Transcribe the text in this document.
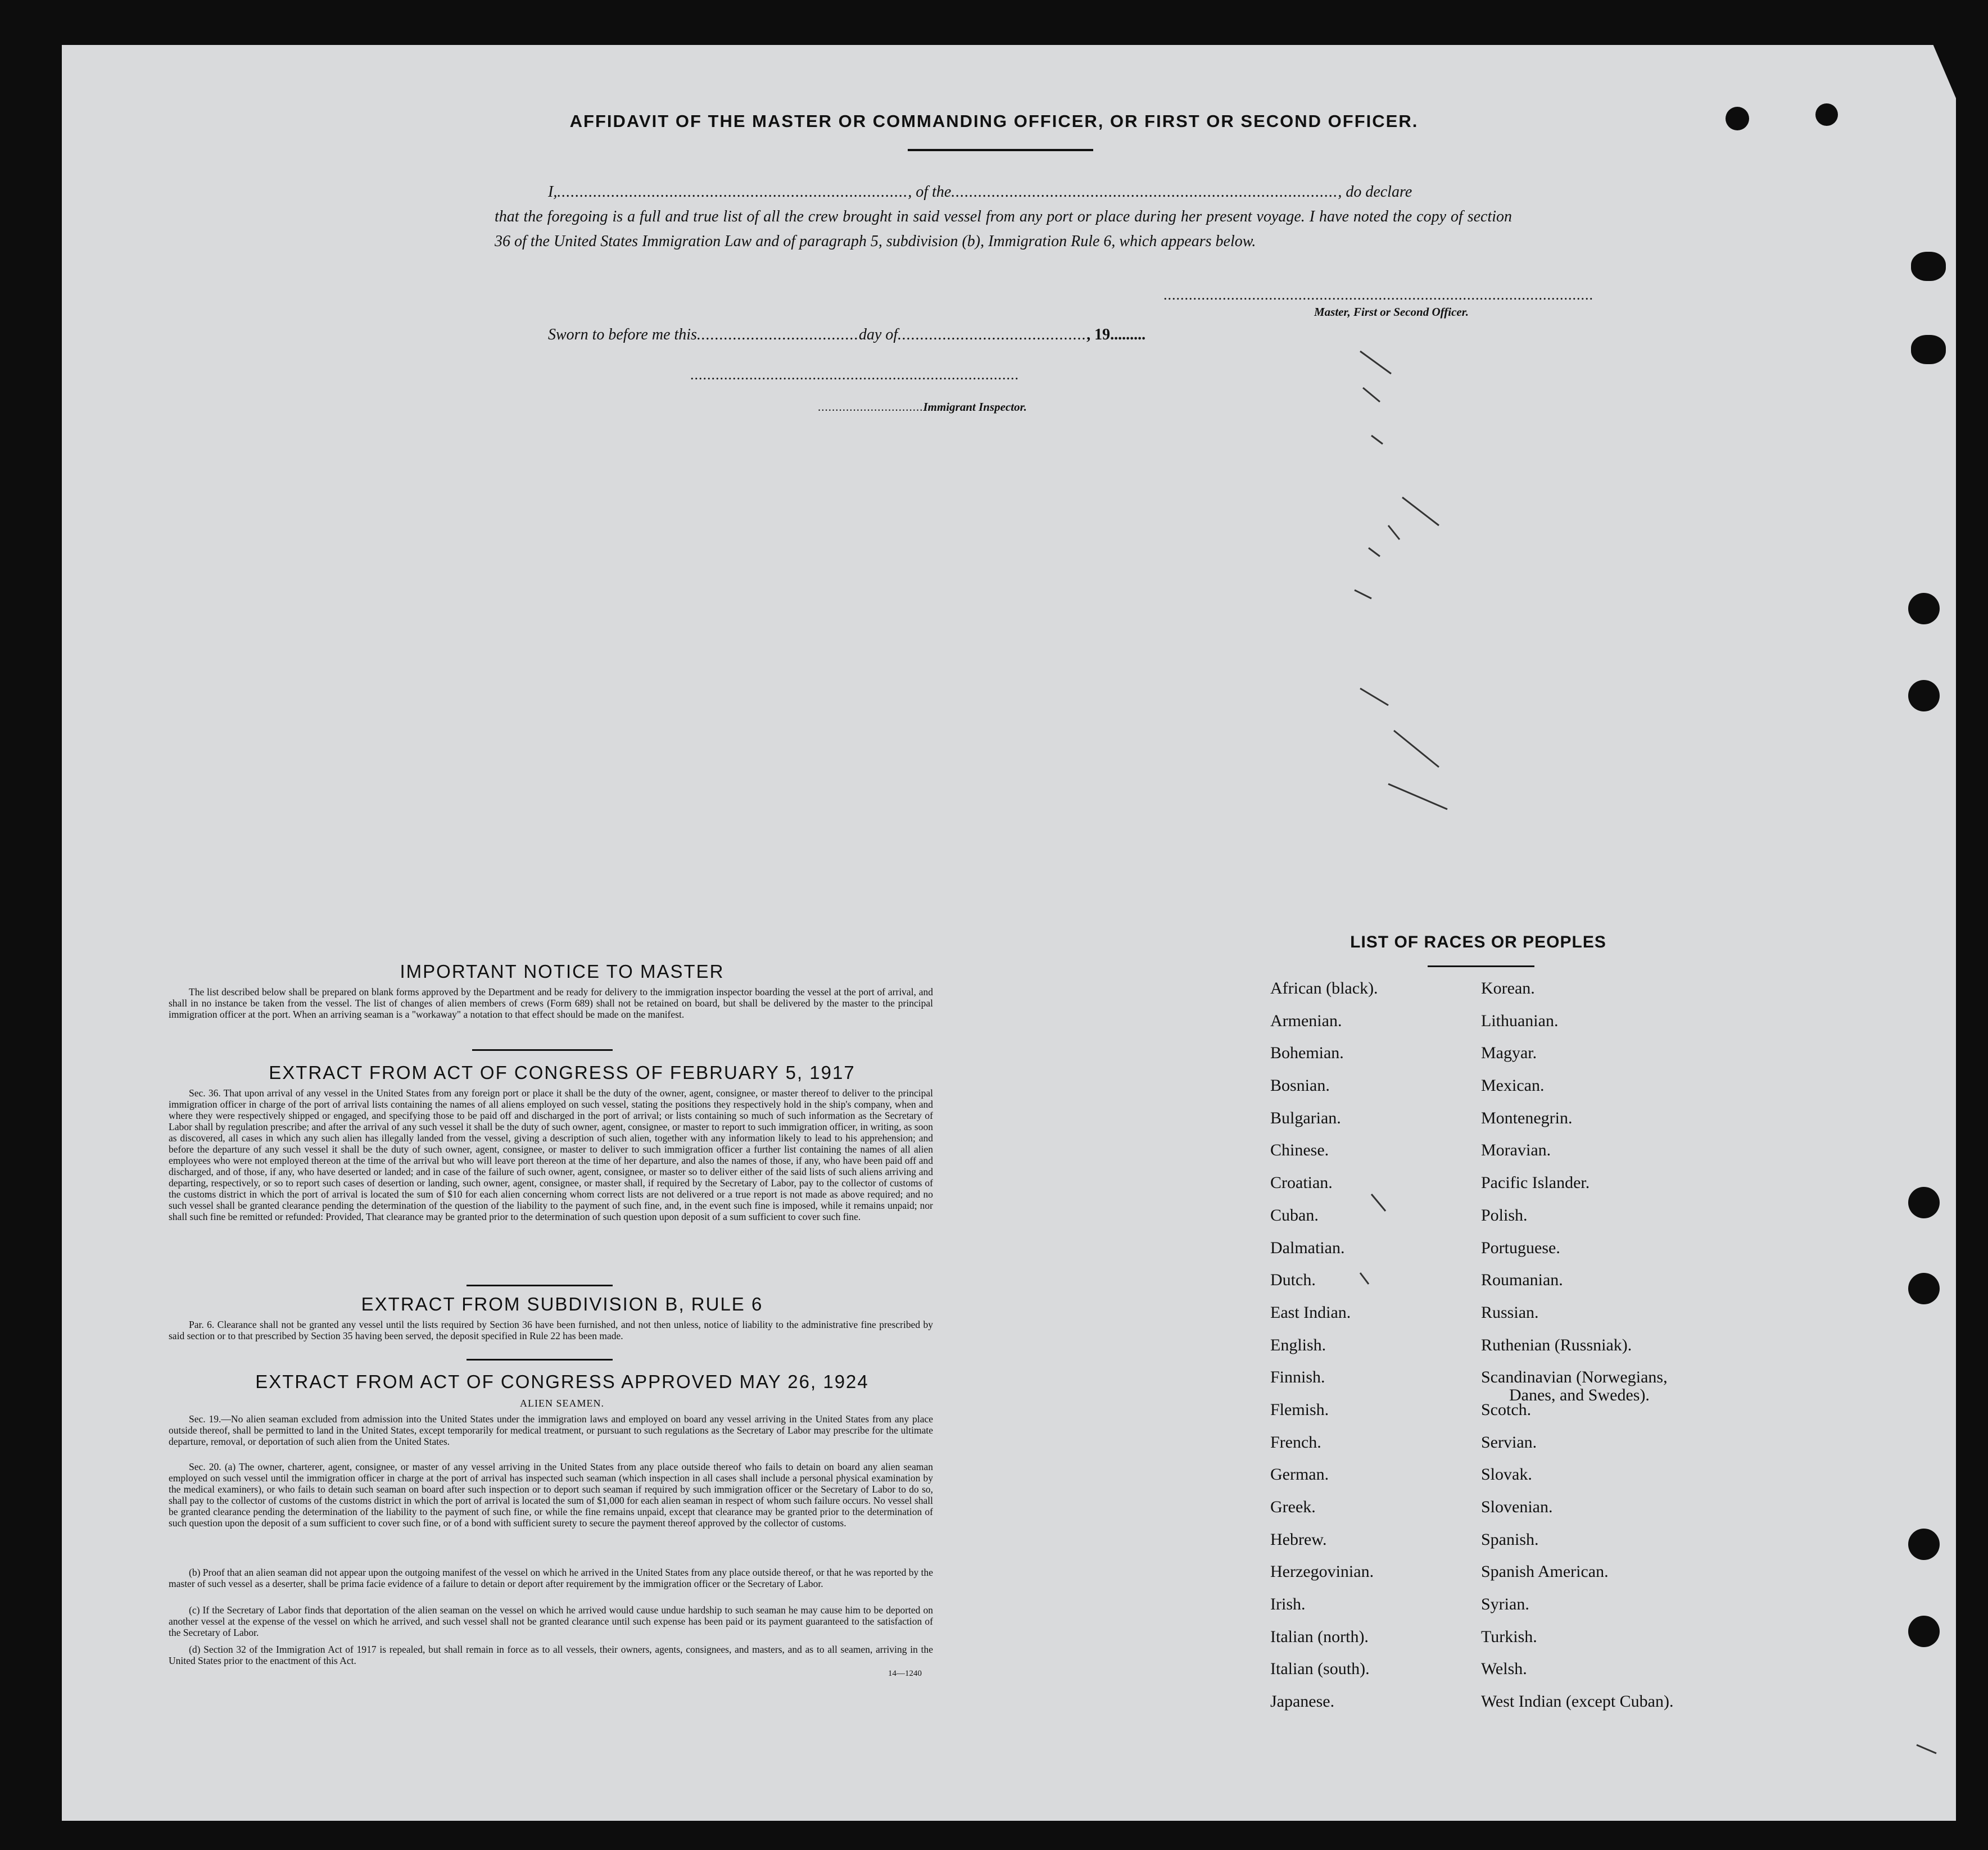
AFFIDAVIT OF THE MASTER OR COMMANDING OFFICER, OR FIRST OR SECOND OFFICER.
I,.............................................................................., of the......................................................................................, do declare
that the foregoing is a full and true list of all the crew brought in said vessel from any port or place during her present voyage. I have noted the copy of section 36 of the United States Immigration Law and of paragraph 5, subdivision (b), Immigration Rule 6, which appears below.
......................................................................................................
Master, First or Second Officer.
Sworn to before me this....................................day of.........................................., 19.........
..............................................................................
..............................Immigrant Inspector.
IMPORTANT NOTICE TO MASTER
The list described below shall be prepared on blank forms approved by the Department and be ready for delivery to the immigration inspector boarding the vessel at the port of arrival, and shall in no instance be taken from the vessel. The list of changes of alien members of crews (Form 689) shall not be retained on board, but shall be delivered by the master to the principal immigration officer at the port. When an arriving seaman is a "workaway" a notation to that effect should be made on the manifest.
EXTRACT FROM ACT OF CONGRESS OF FEBRUARY 5, 1917
Sec. 36. That upon arrival of any vessel in the United States from any foreign port or place it shall be the duty of the owner, agent, consignee, or master thereof to deliver to the principal immigration officer in charge of the port of arrival lists containing the names of all aliens employed on such vessel, stating the positions they respectively hold in the ship's company, when and where they were respectively shipped or engaged, and specifying those to be paid off and discharged in the port of arrival; or lists containing so much of such information as the Secretary of Labor shall by regulation prescribe; and after the arrival of any such vessel it shall be the duty of such owner, agent, consignee, or master to report to such immigration officer, in writing, as soon as discovered, all cases in which any such alien has illegally landed from the vessel, giving a description of such alien, together with any information likely to lead to his apprehension; and before the departure of any such vessel it shall be the duty of such owner, agent, consignee, or master to deliver to such immigration officer a further list containing the names of all alien employees who were not employed thereon at the time of the arrival but who will leave port thereon at the time of her departure, and also the names of those, if any, who have been paid off and discharged, and of those, if any, who have deserted or landed; and in case of the failure of such owner, agent, consignee, or master so to deliver either of the said lists of such aliens arriving and departing, respectively, or so to report such cases of desertion or landing, such owner, agent, consignee, or master shall, if required by the Secretary of Labor, pay to the collector of customs of the customs district in which the port of arrival is located the sum of $10 for each alien concerning whom correct lists are not delivered or a true report is not made as above required; and no such vessel shall be granted clearance pending the determination of the question of the liability to the payment of such fine, and, in the event such fine is imposed, while it remains unpaid; nor shall such fine be remitted or refunded: Provided, That clearance may be granted prior to the determination of such question upon deposit of a sum sufficient to cover such fine.
EXTRACT FROM SUBDIVISION B, RULE 6
Par. 6. Clearance shall not be granted any vessel until the lists required by Section 36 have been furnished, and not then unless, notice of liability to the administrative fine prescribed by said section or to that prescribed by Section 35 having been served, the deposit specified in Rule 22 has been made.
EXTRACT FROM ACT OF CONGRESS APPROVED MAY 26, 1924
ALIEN SEAMEN.
Sec. 19.—No alien seaman excluded from admission into the United States under the immigration laws and employed on board any vessel arriving in the United States from any place outside thereof, shall be permitted to land in the United States, except temporarily for medical treatment, or pursuant to such regulations as the Secretary of Labor may prescribe for the ultimate departure, removal, or deportation of such alien from the United States.
Sec. 20. (a) The owner, charterer, agent, consignee, or master of any vessel arriving in the United States from any place outside thereof who fails to detain on board any alien seaman employed on such vessel until the immigration officer in charge at the port of arrival has inspected such seaman (which inspection in all cases shall include a personal physical examination by the medical examiners), or who fails to detain such seaman on board after such inspection or to deport such seaman if required by such immigration officer or the Secretary of Labor to do so, shall pay to the collector of customs of the customs district in which the port of arrival is located the sum of $1,000 for each alien seaman in respect of whom such failure occurs. No vessel shall be granted clearance pending the determination of the liability to the payment of such fine, or while the fine remains unpaid, except that clearance may be granted prior to the determination of such question upon the deposit of a sum sufficient to cover such fine, or of a bond with sufficient surety to secure the payment thereof approved by the collector of customs.
(b) Proof that an alien seaman did not appear upon the outgoing manifest of the vessel on which he arrived in the United States from any place outside thereof, or that he was reported by the master of such vessel as a deserter, shall be prima facie evidence of a failure to detain or deport after requirement by the immigration officer or the Secretary of Labor.
(c) If the Secretary of Labor finds that deportation of the alien seaman on the vessel on which he arrived would cause undue hardship to such seaman he may cause him to be deported on another vessel at the expense of the vessel on which he arrived, and such vessel shall not be granted clearance until such expense has been paid or its payment guaranteed to the satisfaction of the Secretary of Labor.
(d) Section 32 of the Immigration Act of 1917 is repealed, but shall remain in force as to all vessels, their owners, agents, consignees, and masters, and as to all seamen, arriving in the United States prior to the enactment of this Act.
14—1240
LIST OF RACES OR PEOPLES
African (black).
Armenian.
Bohemian.
Bosnian.
Bulgarian.
Chinese.
Croatian.
Cuban.
Dalmatian.
Dutch.
East Indian.
English.
Finnish.
Flemish.
French.
German.
Greek.
Hebrew.
Herzegovinian.
Irish.
Italian (north).
Italian (south).
Japanese.
Korean.
Lithuanian.
Magyar.
Mexican.
Montenegrin.
Moravian.
Pacific Islander.
Polish.
Portuguese.
Roumanian.
Russian.
Ruthenian (Russniak).
Scandinavian (Norwegians,
Scotch.
Servian.
Slovak.
Slovenian.
Spanish.
Spanish American.
Syrian.
Turkish.
Welsh.
West Indian (except Cuban).
Danes, and Swedes).
